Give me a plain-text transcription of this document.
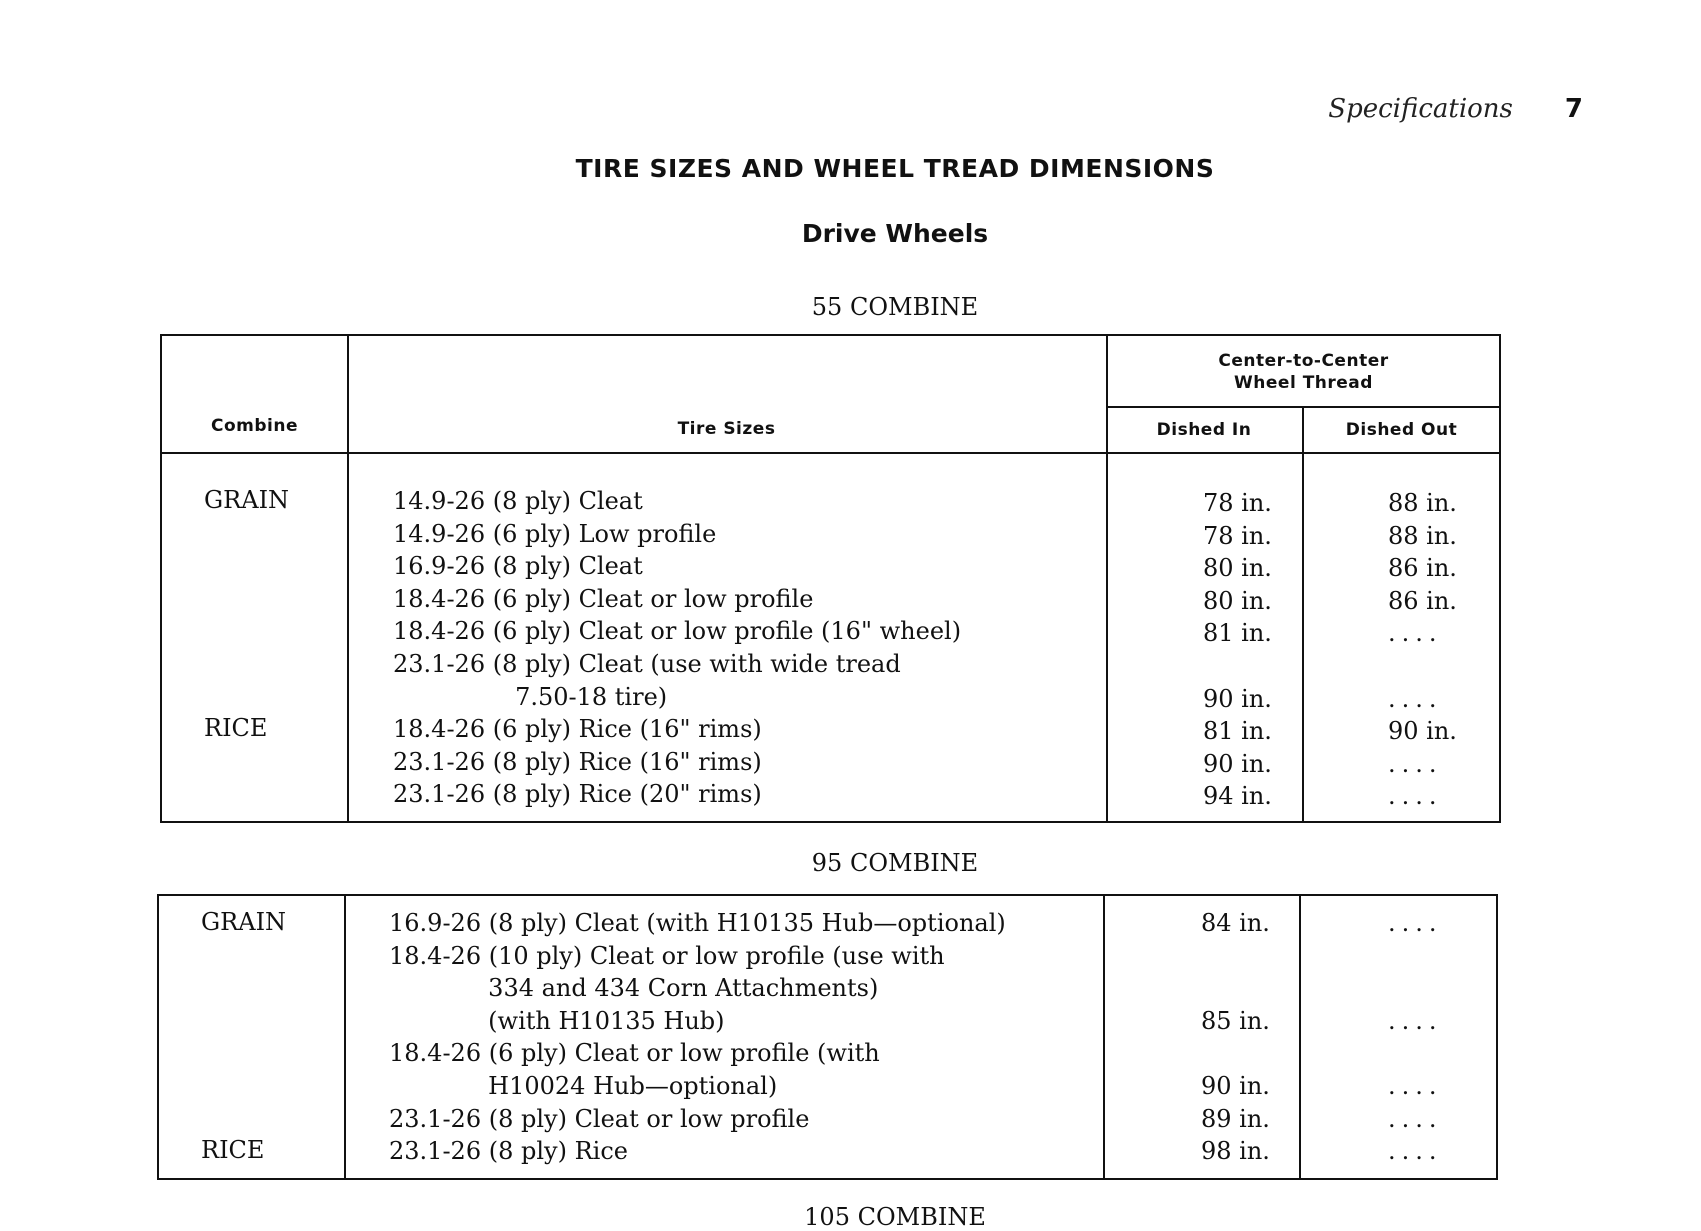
Specifications 7
TIRE SIZES AND WHEEL TREAD DIMENSIONS
Drive Wheels
55 COMBINE
Combine	Tire Sizes
Center-to-Center
Wheel Thread
Dished In	Dished Out
GRAIN

RICE

14.9-26 (8 ply) Cleat
14.9-26 (6 ply) Low profile
16.9-26 (8 ply) Cleat
18.4-26 (6 ply) Cleat or low profile
18.4-26 (6 ply) Cleat or low profile (16" wheel)
23.1-26 (8 ply) Cleat (use with wide tread
7.50-18 tire)
18.4-26 (6 ply) Rice (16" rims)
23.1-26 (8 ply) Rice (16" rims)
23.1-26 (8 ply) Rice (20" rims)
78 in.
78 in.
80 in.
80 in.
81 in.

90 in.
81 in.
90 in.
94 in.
88 in.
88 in.
86 in.
86 in.
....

....
90 in.
....
....
95 COMBINE
GRAIN

RICE
16.9-26 (8 ply) Cleat (with H10135 Hub—optional)
18.4-26 (10 ply) Cleat or low profile (use with
334 and 434 Corn Attachments)
(with H10135 Hub)
18.4-26 (6 ply) Cleat or low profile (with
H10024 Hub—optional)
23.1-26 (8 ply) Cleat or low profile
23.1-26 (8 ply) Rice
84 in.

85 in.

90 in.
89 in.
98 in.
....

....

....
....
....
105 COMBINE
